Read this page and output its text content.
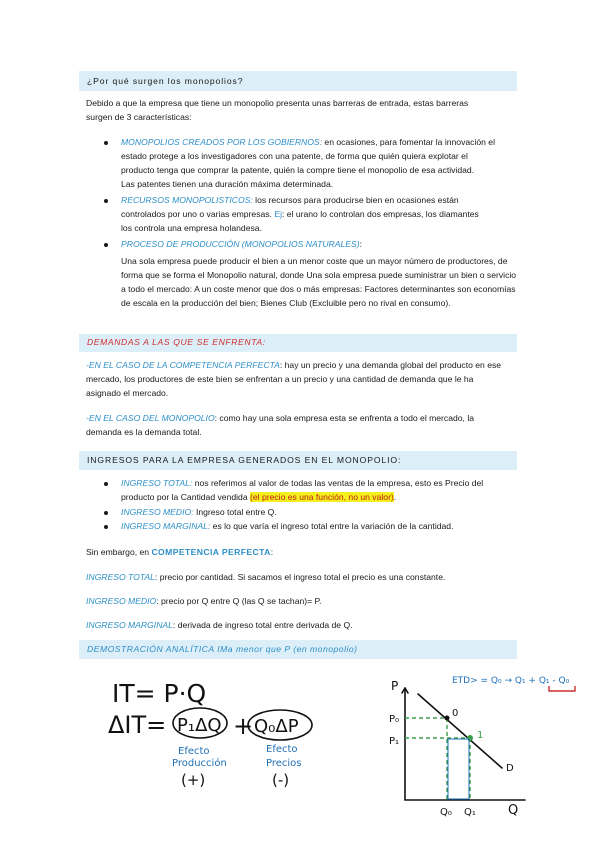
¿Por qué surgen los monopolios?
Debido a que la empresa que tiene un monopolio presenta unas barreras de entrada, estas barreras
surgen de 3 características:
MONOPOLIOS CREADOS POR LOS GOBIERNOS: en ocasiones, para fomentar la innovación el
estado protege a los investigadores con una patente, de forma que quién quiera explotar el
producto tenga que comprar la patente, quién la compre tiene el monopolio de esa actividad.
Las patentes tienen una duración máxima determinada.
RECURSOS MONOPOLISTICOS: los recursos para producirse bien en ocasiones están
controlados por uno o varias empresas. Ej: el urano lo controlan dos empresas, los diamantes
los controla una empresa holandesa.
PROCESO DE PRODUCCIÓN (MONOPOLIOS NATURALES):
Una sola empresa puede producir el bien a un menor coste que un mayor número de productores, de
forma que se forma el Monopolio natural, donde Una sola empresa puede suministrar un bien o servicio
a todo el mercado: A un coste menor que dos o más empresas: Factores determinantes son economías
de escala en la producción del bien; Bienes Club (Excluible pero no rival en consumo).
DEMANDAS A LAS QUE SE ENFRENTA:
-EN EL CASO DE LA COMPETENCIA PERFECTA: hay un precio y una demanda global del producto en ese
mercado, los productores de este bien se enfrentan a un precio y una cantidad de demanda que le ha
asignado el mercado.
-EN EL CASO DEL MONOPOLIO: como hay una sola empresa esta se enfrenta a todo el mercado, la
demanda es la demanda total.
INGRESOS PARA LA EMPRESA GENERADOS EN EL MONOPOLIO:
INGRESO TOTAL: nos referimos al valor de todas las ventas de la empresa, esto es Precio del
producto por la Cantidad vendida (el precio es una función, no un valor).
INGRESO MEDIO: Ingreso total entre Q.
INGRESO MARGINAL: es lo que varía el ingreso total entre la variación de la cantidad.
Sin embargo, en COMPETENCIA PERFECTA:
INGRESO TOTAL: precio por cantidad. Si sacamos el ingreso total el precio es una constante.
INGRESO MEDIO: precio por Q entre Q (las Q se tachan)= P.
INGRESO MARGINAL: derivada de ingreso total entre derivada de Q.
DEMOSTRACIÓN ANALÍTICA IMa menor que P (en monopolio)
IT= P·Q
ΔIT= P₁ΔQ + Q₀ΔP
Efecto
Producción
(+)
Efecto
Precios
(-)
P
Q
P₀
P₁
Q₀ Q₁
0
1
D
ETD> = Q₀ → Q₁ + Q₁ - Q₀
